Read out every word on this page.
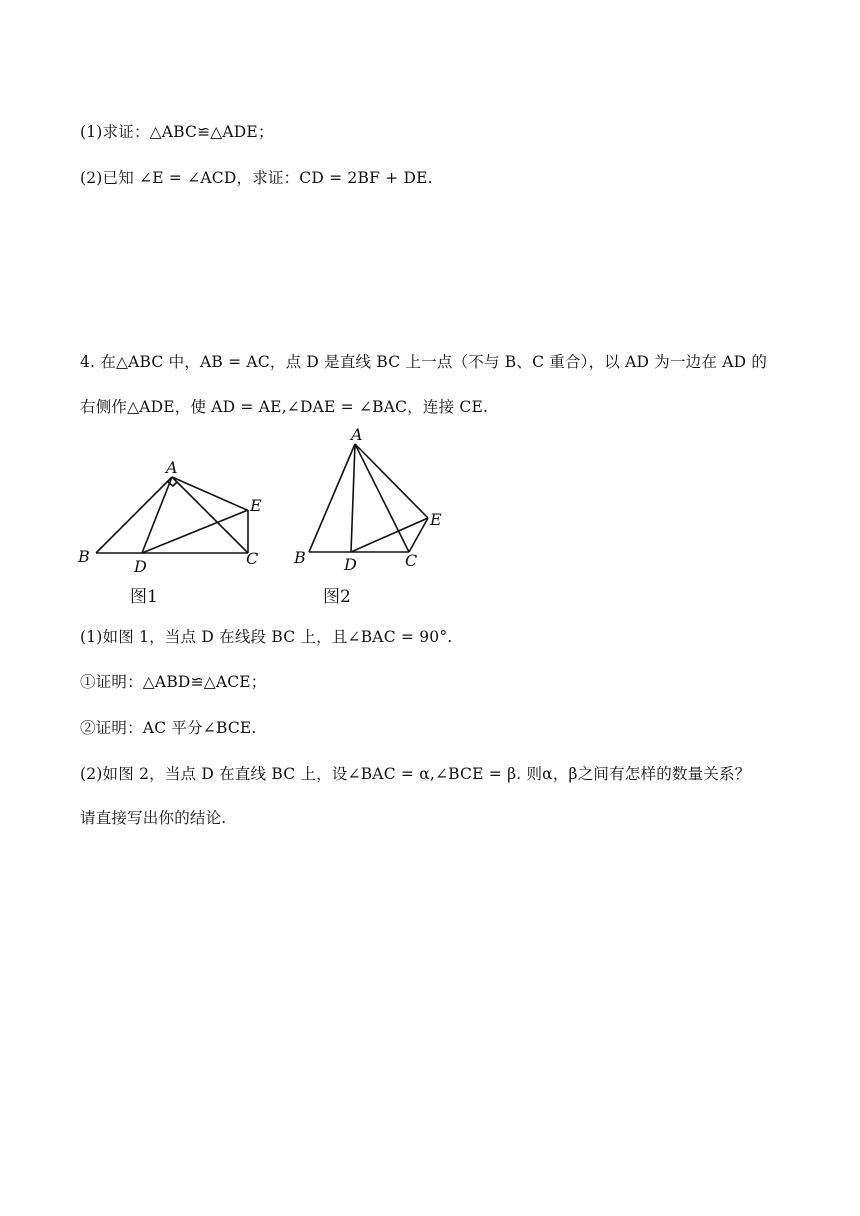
(1)求证：△ABC≌△ADE；
(2)已知 ∠E = ∠ACD，求证：CD = 2BF + DE.
4. 在△ABC 中，AB = AC，点 D 是直线 BC 上一点（不与 B、C 重合），以 AD 为一边在 AD 的
右侧作△ADE，使 AD = AE,∠DAE = ∠BAC，连接 CE.
A
B	C
D
E
图1
A
B	C
D
E
图2
(1)如图 1，当点 D 在线段 BC 上，且∠BAC = 90°.
①证明：△ABD≌△ACE；
②证明：AC 平分∠BCE.
(2)如图 2，当点 D 在直线 BC 上，设∠BAC = α,∠BCE = β. 则α，β之间有怎样的数量关系？
请直接写出你的结论.
